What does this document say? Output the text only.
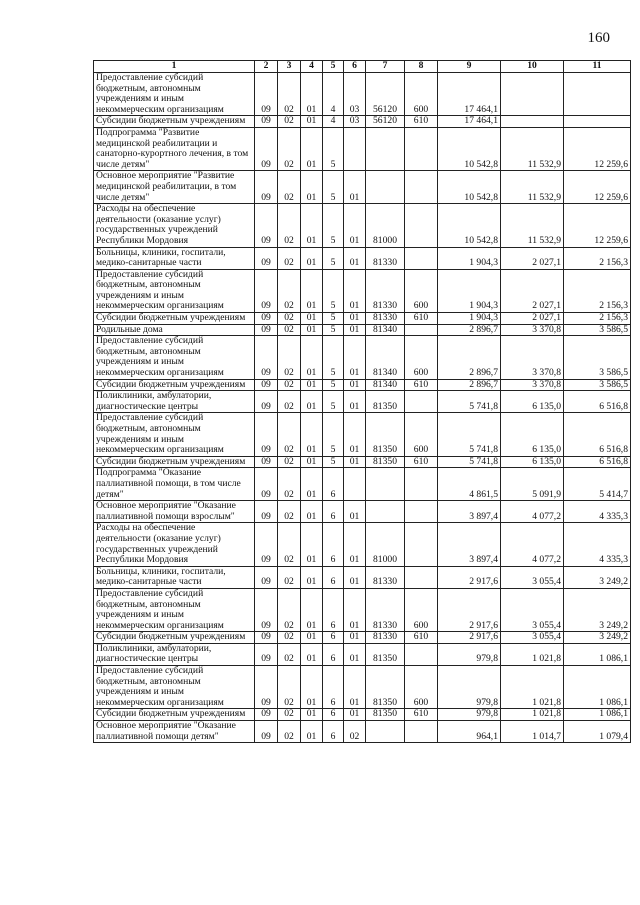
160
1	2	3	4	5	6	7	8	9	10	11
Предоставление субсидий бюджетным, автономным учреждениям и иным некоммерческим организациям	09	02	01	4	03	56120	600	17 464,1		
Субсидии бюджетным учреждениям	09	02	01	4	03	56120	610	17 464,1		
Подпрограмма "Развитие медицинской реабилитации и санаторно-курортного лечения, в том числе детям"	09	02	01	5				10 542,8	11 532,9	12 259,6
Основное мероприятие "Развитие медицинской реабилитации, в том числе детям"	09	02	01	5	01			10 542,8	11 532,9	12 259,6
Расходы на обеспечение деятельности (оказание услуг) государственных учреждений Республики Мордовия	09	02	01	5	01	81000		10 542,8	11 532,9	12 259,6
Больницы, клиники, госпитали, медико-санитарные части	09	02	01	5	01	81330		1 904,3	2 027,1	2 156,3
Предоставление субсидий бюджетным, автономным учреждениям и иным некоммерческим организациям	09	02	01	5	01	81330	600	1 904,3	2 027,1	2 156,3
Субсидии бюджетным учреждениям	09	02	01	5	01	81330	610	1 904,3	2 027,1	2 156,3
Родильные дома	09	02	01	5	01	81340		2 896,7	3 370,8	3 586,5
Предоставление субсидий бюджетным, автономным учреждениям и иным некоммерческим организациям	09	02	01	5	01	81340	600	2 896,7	3 370,8	3 586,5
Субсидии бюджетным учреждениям	09	02	01	5	01	81340	610	2 896,7	3 370,8	3 586,5
Поликлиники, амбулатории, диагностические центры	09	02	01	5	01	81350		5 741,8	6 135,0	6 516,8
Предоставление субсидий бюджетным, автономным учреждениям и иным некоммерческим организациям	09	02	01	5	01	81350	600	5 741,8	6 135,0	6 516,8
Субсидии бюджетным учреждениям	09	02	01	5	01	81350	610	5 741,8	6 135,0	6 516,8
Подпрограмма "Оказание паллиативной помощи, в том числе детям"	09	02	01	6				4 861,5	5 091,9	5 414,7
Основное мероприятие "Оказание паллиативной помощи взрослым"	09	02	01	6	01			3 897,4	4 077,2	4 335,3
Расходы на обеспечение деятельности (оказание услуг) государственных учреждений Республики Мордовия	09	02	01	6	01	81000		3 897,4	4 077,2	4 335,3
Больницы, клиники, госпитали, медико-санитарные части	09	02	01	6	01	81330		2 917,6	3 055,4	3 249,2
Предоставление субсидий бюджетным, автономным учреждениям и иным некоммерческим организациям	09	02	01	6	01	81330	600	2 917,6	3 055,4	3 249,2
Субсидии бюджетным учреждениям	09	02	01	6	01	81330	610	2 917,6	3 055,4	3 249,2
Поликлиники, амбулатории, диагностические центры	09	02	01	6	01	81350		979,8	1 021,8	1 086,1
Предоставление субсидий бюджетным, автономным учреждениям и иным некоммерческим организациям	09	02	01	6	01	81350	600	979,8	1 021,8	1 086,1
Субсидии бюджетным учреждениям	09	02	01	6	01	81350	610	979,8	1 021,8	1 086,1
Основное мероприятие "Оказание паллиативной помощи детям"	09	02	01	6	02			964,1	1 014,7	1 079,4
